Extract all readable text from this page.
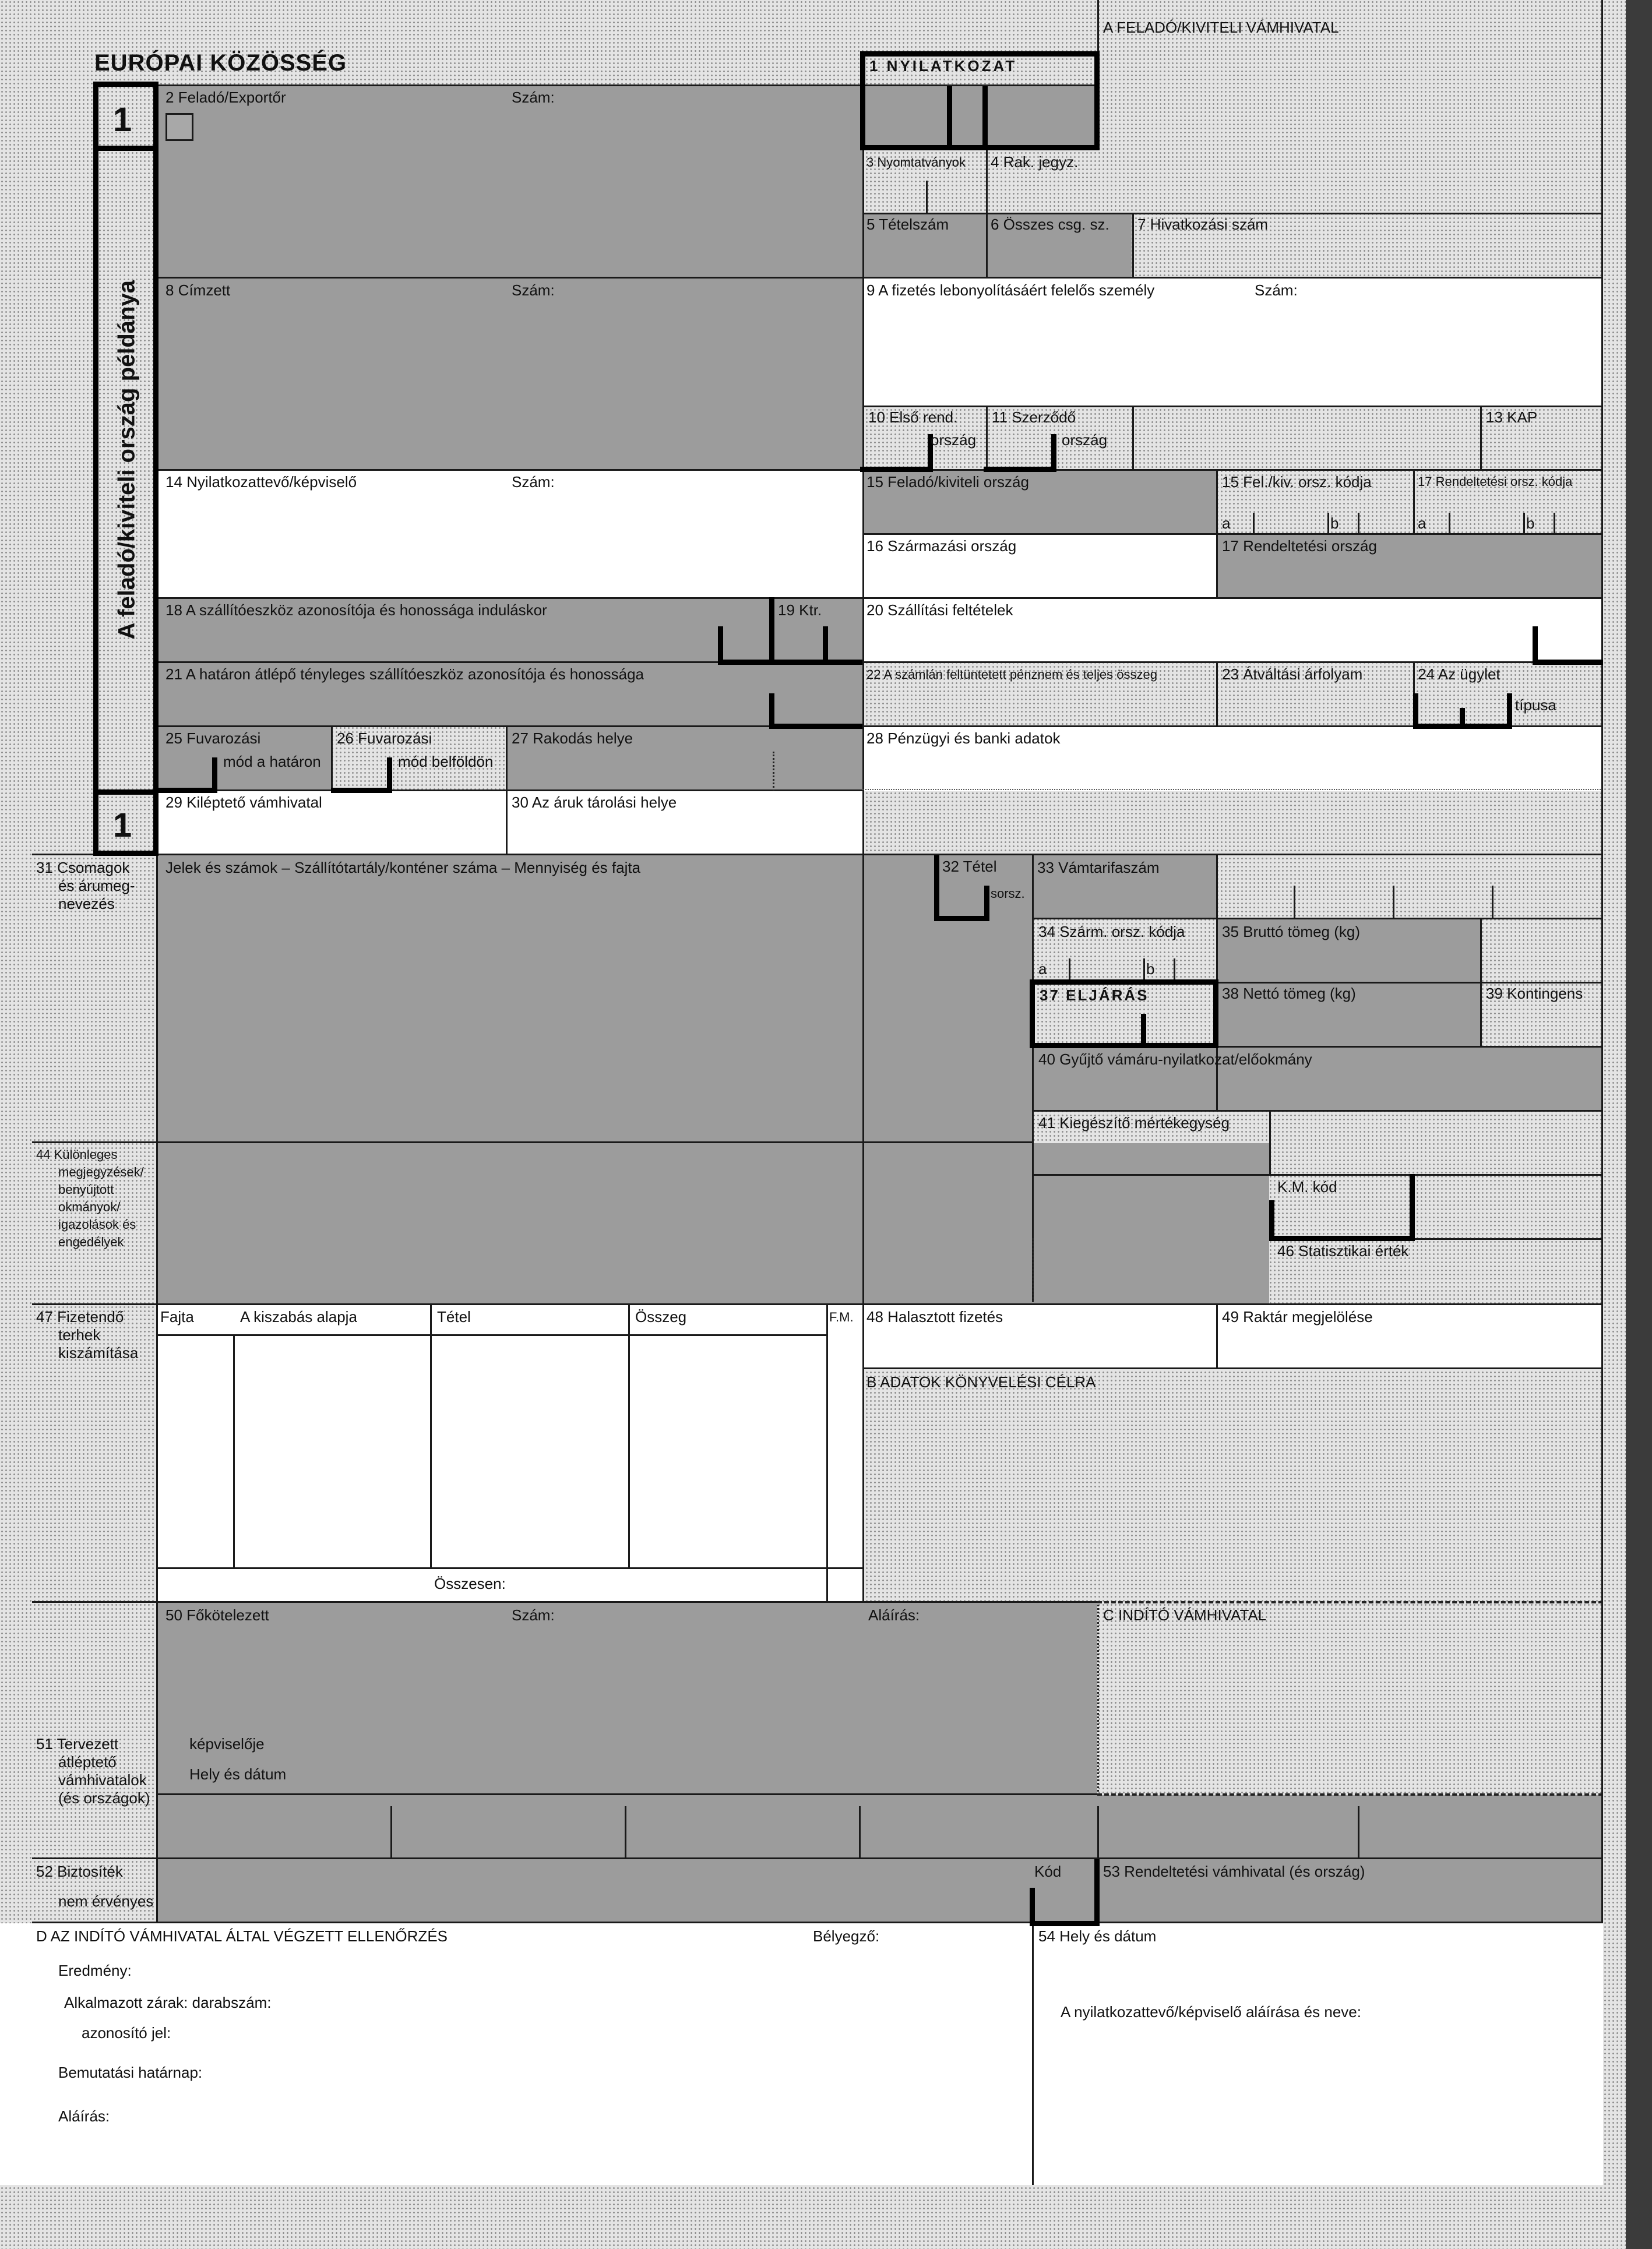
A FELADÓ/KIVITELI VÁMHIVATAL
EURÓPAI KÖZÖSSÉG	1 NYILATKOZAT
1
1
A feladó/kiviteli ország példánya
2 Feladó/Exportőr	Szám:
3 Nyomtatványok 4 Rak. jegyz.
5 Tételszám	6 Összes csg. sz. 7 Hivatkozási szám
8 Címzett	Szám:	9 A fizetés lebonyolításáért felelős személy	Szám:
10 Első rend.
ország
11 Szerződő
ország
13 KAP
14 Nyilatkozattevő/képviselő	Szám:	15 Feladó/kiviteli ország	15 Fel./kiv. orsz. kódja	17 Rendeltetési orsz. kódja
a	b	a	b
16 Származási ország	17 Rendeltetési ország
18 A szállítóeszköz azonosítója és honossága induláskor	19 Ktr.	20 Szállítási feltételek
21 A határon átlépő tényleges szállítóeszköz azonosítója és honossága	22 A számlán feltüntetett pénznem és teljes összeg	23 Átváltási árfolyam	24 Az ügylet
típusa
25 Fuvarozási
mód a határon
26 Fuvarozási
mód belföldön
27 Rakodás helye	28 Pénzügyi és banki adatok
29 Kiléptető vámhivatal	30 Az áruk tárolási helye
31 Csomagok
és árumeg-
nevezés
Jelek és számok – Szállítótartály/konténer száma – Mennyiség és fajta	32 Tétel
sorsz.
33 Vámtarifaszám
34 Szárm. orsz. kódja
a	b
35 Bruttó tömeg (kg)
37 ELJÁRÁS	38 Nettó tömeg (kg)	39 Kontingens
40 Gyűjtő vámáru-nyilatkozat/előokmány
41 Kiegészítő mértékegység
K.M. kód
44 Különleges
megjegyzések/
benyújtott
okmányok/
igazolások és
engedélyek
46 Statisztikai érték
47 Fizetendő
terhek
kiszámítása
Fajta	A kiszabás alapja	Tétel	Összeg	F.M.
Összesen:
48 Halasztott fizetés	49 Raktár megjelölése
B ADATOK KÖNYVELÉSI CÉLRA
50 Főkötelezett	Szám:	Aláírás:	C INDÍTÓ VÁMHIVATAL
képviselője
Hely és dátum
51 Tervezett
átléptető
vámhivatalok
(és országok)
52 Biztosíték
nem érvényes
Kód	53 Rendeltetési vámhivatal (és ország)
D AZ INDÍTÓ VÁMHIVATAL ÁLTAL VÉGZETT ELLENŐRZÉS	Bélyegző:
Eredmény:
Alkalmazott zárak: darabszám:
azonosító jel:
Bemutatási határnap:
Aláírás:
54 Hely és dátum
A nyilatkozattevő/képviselő aláírása és neve:
